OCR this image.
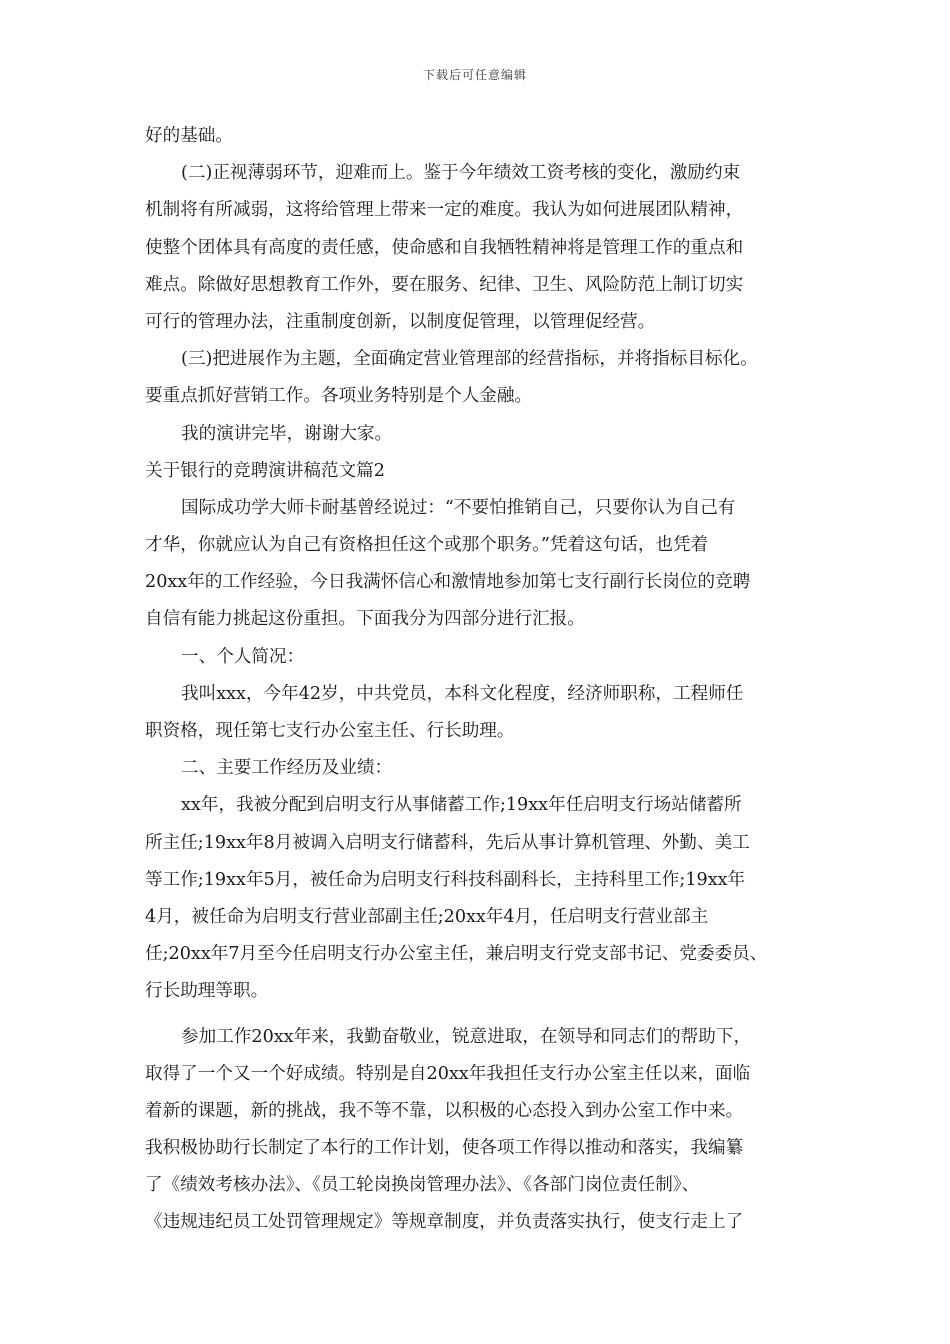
下载后可任意编辑
好的基础。
(二)正视薄弱环节，迎难而上。鉴于今年绩效工资考核的变化，激励约束
机制将有所减弱，这将给管理上带来一定的难度。我认为如何进展团队精神，
使整个团体具有高度的责任感，使命感和自我牺牲精神将是管理工作的重点和
难点。除做好思想教育工作外，要在服务、纪律、卫生、风险防范上制订切实
可行的管理办法，注重制度创新，以制度促管理，以管理促经营。
(三)把进展作为主题，全面确定营业管理部的经营指标，并将指标目标化。
要重点抓好营销工作。各项业务特别是个人金融。
我的演讲完毕，谢谢大家。
关于银行的竞聘演讲稿范文篇2
国际成功学大师卡耐基曾经说过：“不要怕推销自己，只要你认为自己有
才华，你就应认为自己有资格担任这个或那个职务。”凭着这句话，也凭着
20xx年的工作经验，今日我满怀信心和激情地参加第七支行副行长岗位的竞聘
自信有能力挑起这份重担。下面我分为四部分进行汇报。
一、个人简况：
我叫xxx，今年42岁，中共党员，本科文化程度，经济师职称，工程师任
职资格，现任第七支行办公室主任、行长助理。
二、主要工作经历及业绩：
xx年，我被分配到启明支行从事储蓄工作;19xx年任启明支行场站储蓄所
所主任;19xx年8月被调入启明支行储蓄科，先后从事计算机管理、外勤、美工
等工作;19xx年5月，被任命为启明支行科技科副科长，主持科里工作;19xx年
4月，被任命为启明支行营业部副主任;20xx年4月，任启明支行营业部主
任;20xx年7月至今任启明支行办公室主任，兼启明支行党支部书记、党委委员、
行长助理等职。
参加工作20xx年来，我勤奋敬业，锐意进取，在领导和同志们的帮助下，
取得了一个又一个好成绩。特别是自20xx年我担任支行办公室主任以来，面临
着新的课题，新的挑战，我不等不靠，以积极的心态投入到办公室工作中来。
我积极协助行长制定了本行的工作计划，使各项工作得以推动和落实，我编纂
了《绩效考核办法》、《员工轮岗换岗管理办法》、《各部门岗位责任制》、
《违规违纪员工处罚管理规定》等规章制度，并负责落实执行，使支行走上了
